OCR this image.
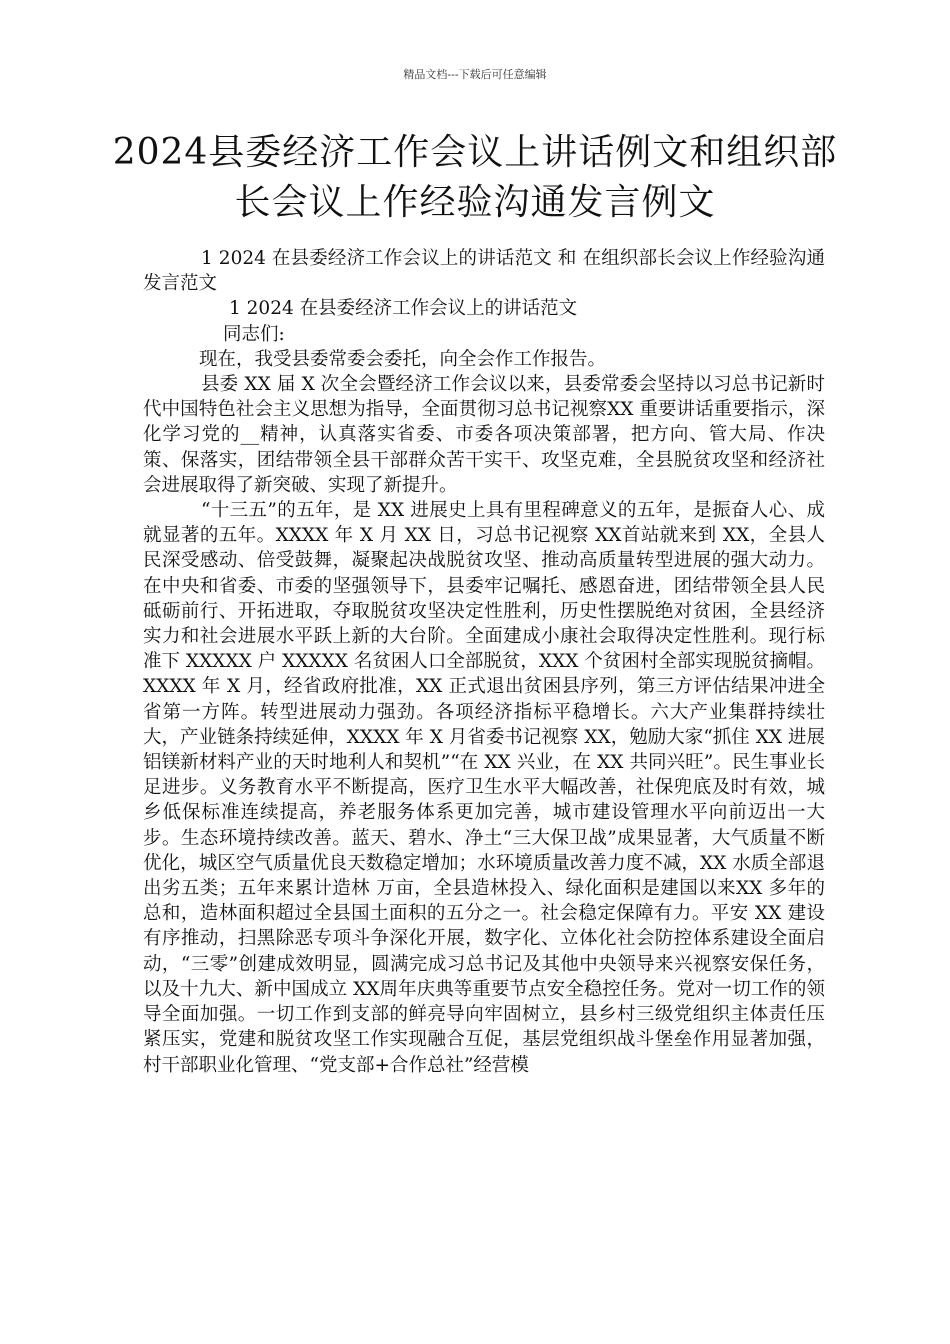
精品文档---下载后可任意编辑
2024县委经济工作会议上讲话例文和组织部长会议上作经验沟通发言例文

1 2024 在县委经济工作会议上的讲话范文 和 在组织部长会议上作经验沟通发言范文

1 2024 在县委经济工作会议上的讲话范文

同志们:

现在，我受县委常委会委托，向全会作工作报告。

县委 XX 届 X 次全会暨经济工作会议以来，县委常委会坚持以习总书记新时代中国特色社会主义思想为指导，全面贯彻习总书记视察XX 重要讲话重要指示，深化学习党的__精神，认真落实省委、市委各项决策部署，把方向、管大局、作决策、保落实，团结带领全县干部群众苦干实干、攻坚克难，全县脱贫攻坚和经济社会进展取得了新突破、实现了新提升。

“十三五”的五年，是 XX 进展史上具有里程碑意义的五年，是振奋人心、成就显著的五年。XXXX 年 X 月 XX 日，习总书记视察 XX首站就来到 XX，全县人民深受感动、倍受鼓舞，凝聚起决战脱贫攻坚、推动高质量转型进展的强大动力。在中央和省委、市委的坚强领导下，县委牢记嘱托、感恩奋进，团结带领全县人民砥砺前行、开拓进取，夺取脱贫攻坚决定性胜利，历史性摆脱绝对贫困，全县经济实力和社会进展水平跃上新的大台阶。全面建成小康社会取得决定性胜利。现行标准下 XXXXX 户 XXXXX 名贫困人口全部脱贫，XXX 个贫困村全部实现脱贫摘帽。XXXX 年 X 月，经省政府批准，XX 正式退出贫困县序列，第三方评估结果冲进全省第一方阵。转型进展动力强劲。各项经济指标平稳增长。六大产业集群持续壮大，产业链条持续延伸，XXXX 年 X 月省委书记视察 XX，勉励大家“抓住 XX 进展铝镁新材料产业的天时地利人和契机”“在 XX 兴业，在 XX 共同兴旺”。民生事业长足进步。义务教育水平不断提高，医疗卫生水平大幅改善，社保兜底及时有效，城乡低保标准连续提高，养老服务体系更加完善，城市建设管理水平向前迈出一大步。生态环境持续改善。蓝天、碧水、净土“三大保卫战”成果显著，大气质量不断优化，城区空气质量优良天数稳定增加；水环境质量改善力度不减，XX 水质全部退出劣五类；五年来累计造林 万亩，全县造林投入、绿化面积是建国以来XX 多年的总和，造林面积超过全县国土面积的五分之一。社会稳定保障有力。平安 XX 建设有序推动，扫黑除恶专项斗争深化开展，数字化、立体化社会防控体系建设全面启动，“三零”创建成效明显，圆满完成习总书记及其他中央领导来兴视察安保任务，以及十九大、新中国成立 XX周年庆典等重要节点安全稳控任务。党对一切工作的领导全面加强。一切工作到支部的鲜亮导向牢固树立，县乡村三级党组织主体责任压紧压实，党建和脱贫攻坚工作实现融合互促，基层党组织战斗堡垒作用显著加强，村干部职业化管理、“党支部+合作总社”经营模
